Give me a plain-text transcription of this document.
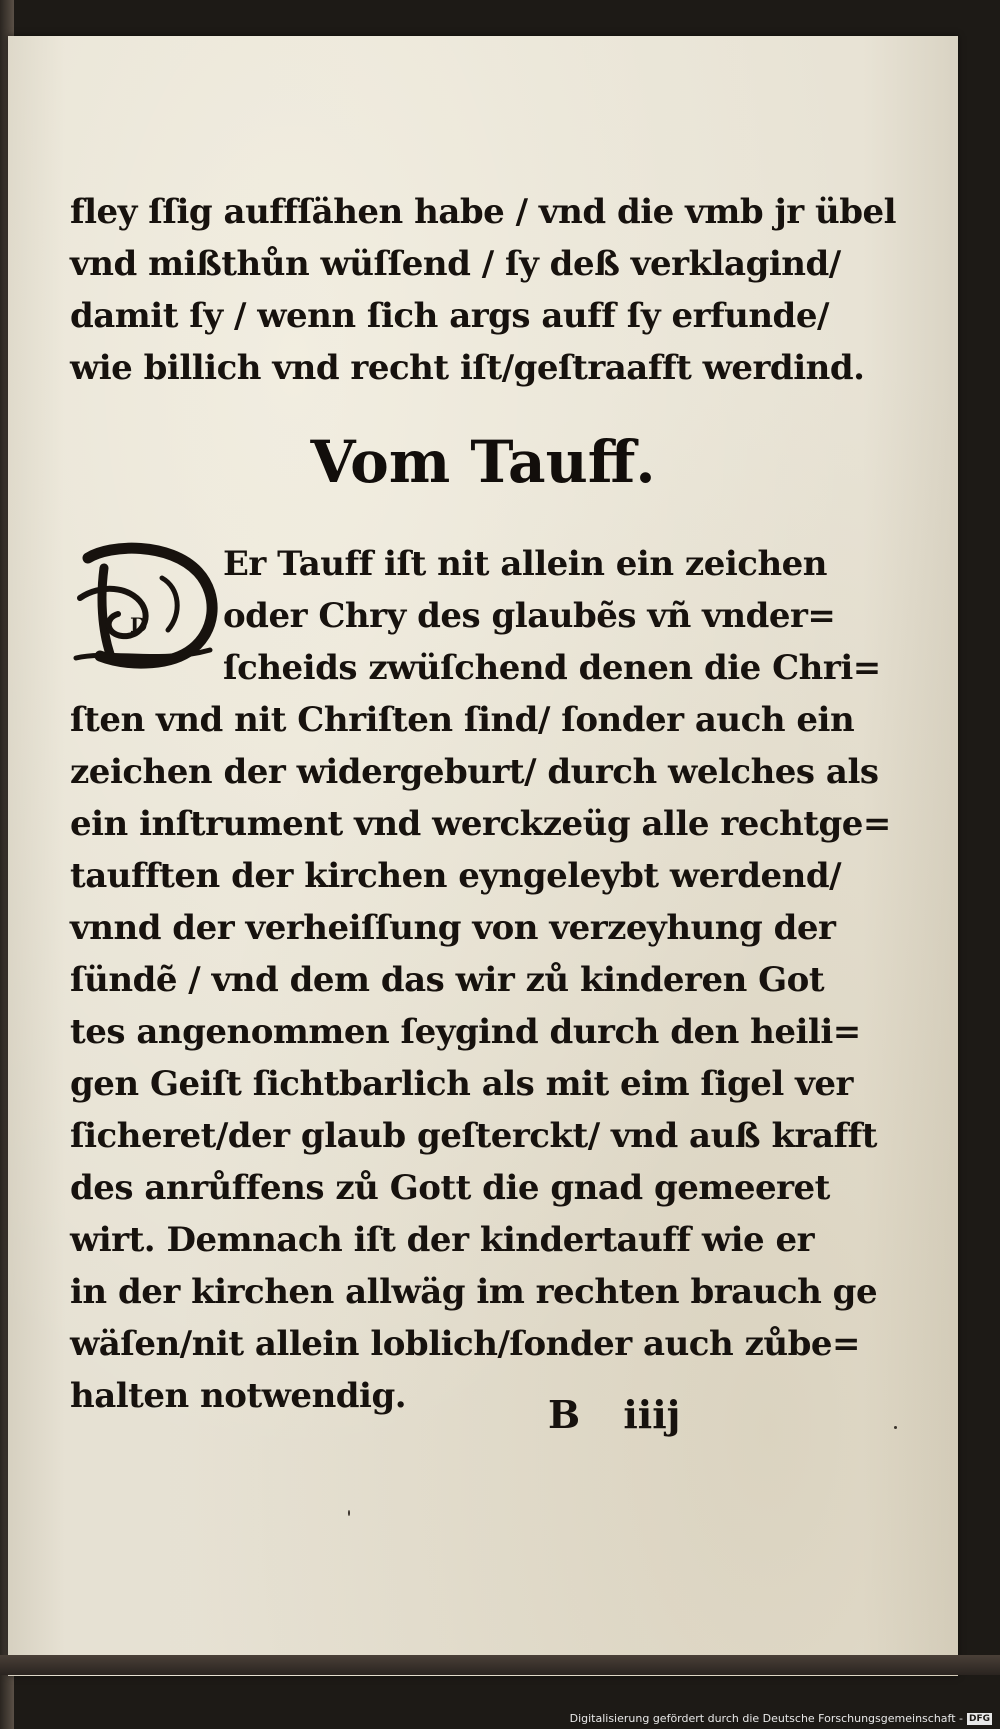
fley ſſig auffſähen habe / vnd die vmb jr übel
vnd mißthůn wüſſend / ſy deß verklagind/
damit ſy / wenn ſich args auff ſy erfunde/
wie billich vnd recht iſt/geſtraafft werdind.
Vom Tauff.
D
Er Tauff iſt nit allein ein zeichen
oder Chry des glaubẽs vñ vnder=
ſcheids zwüſchend denen die Chri=
ſten vnd nit Chriſten ſind/ ſonder auch ein
zeichen der widergeburt/ durch welches als
ein inſtrument vnd werckzeüg alle rechtge=
taufften der kirchen eyngeleybt werdend/
vnnd der verheiſſung von verzeyhung der
ſündẽ / vnd dem das wir zů kinderen Got
tes angenommen ſeygind durch den heili=
gen Geiſt ſichtbarlich als mit eim ſigel ver
ſicheret/der glaub geſterckt/ vnd auß krafft
des anrůffens zů Gott die gnad gemeeret
wirt. Demnach iſt der kindertauff wie er
in der kirchen allwäg im rechten brauch ge
wäſen/nit allein loblich/ſonder auch zůbe=
halten notwendig.	B iiij
Digitalisierung gefördert durch die Deutsche Forschungsgemeinschaft - DFG
